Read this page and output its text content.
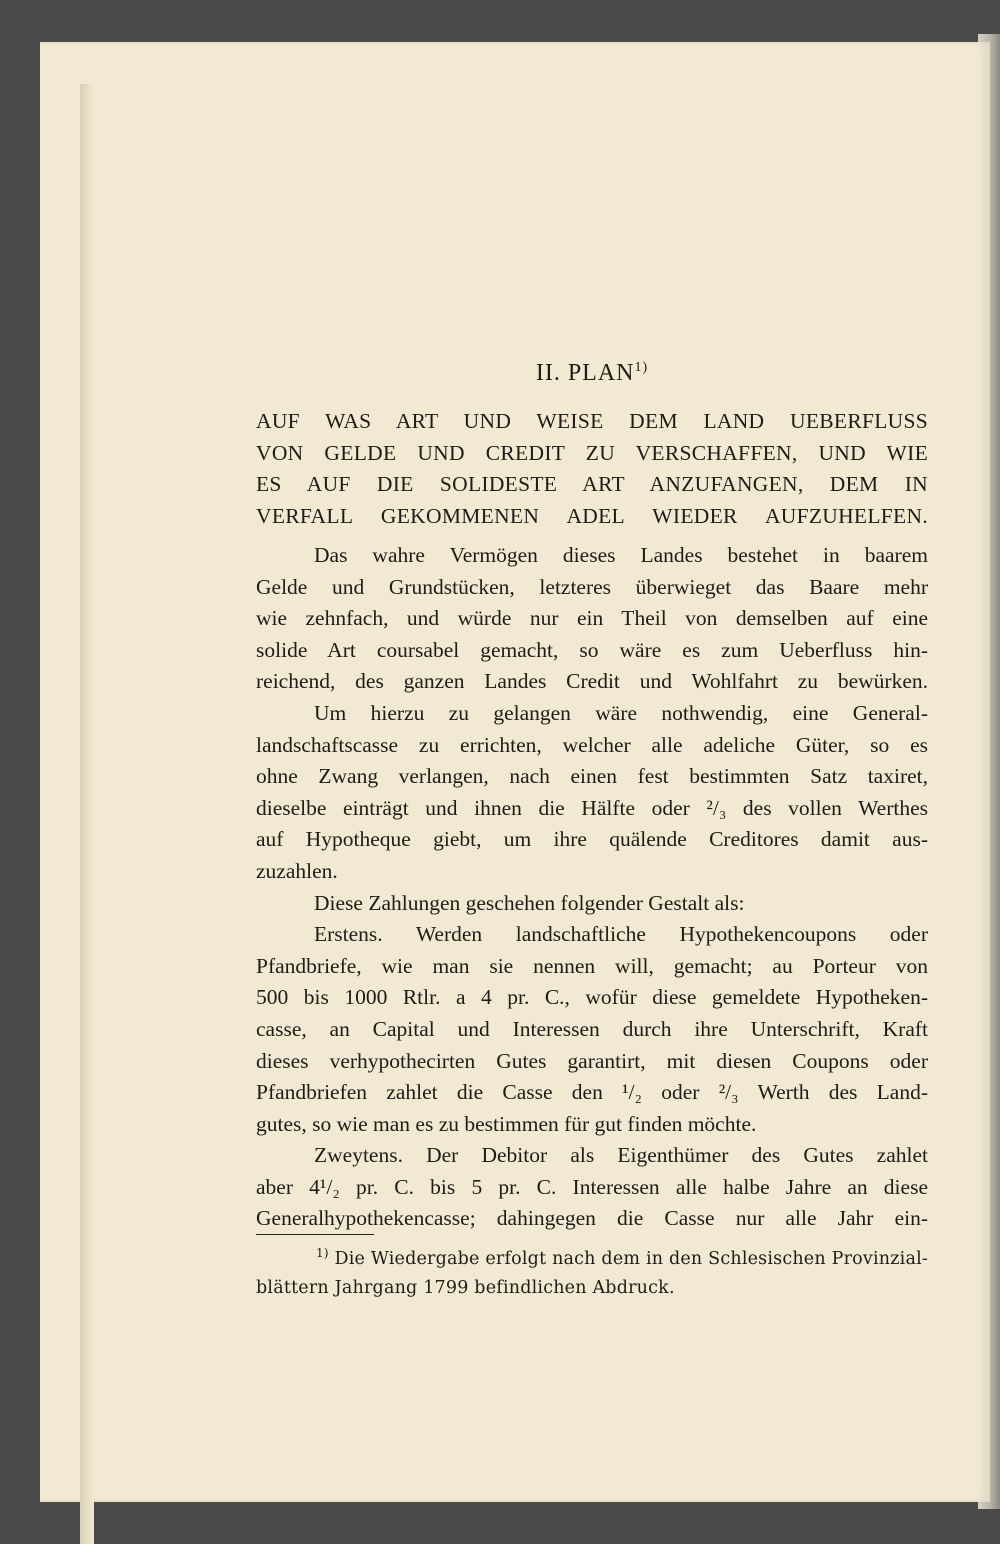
II. PLAN$^{1)}$
AUF WAS ART UND WEISE DEM LAND UEBERFLUSS
VON GELDE UND CREDIT ZU VERSCHAFFEN, UND WIE
ES AUF DIE SOLIDESTE ART ANZUFANGEN, DEM IN
VERFALL GEKOMMENEN ADEL WIEDER AUFZUHELFEN.
Das wahre Vermögen dieses Landes bestehet in baarem
Gelde und Grundstücken, letzteres überwieget das Baare mehr
wie zehnfach, und würde nur ein Theil von demselben auf eine
solide Art coursabel gemacht, so wäre es zum Ueberfluss hin-
reichend, des ganzen Landes Credit und Wohlfahrt zu bewürken.
Um hierzu zu gelangen wäre nothwendig, eine General-
landschaftscasse zu errichten, welcher alle adeliche Güter, so es
ohne Zwang verlangen, nach einen fest bestimmten Satz taxiret,
dieselbe einträgt und ihnen die Hälfte oder ²/₃ des vollen Werthes
auf Hypotheque giebt, um ihre quälende Creditores damit aus-
zuzahlen.
Diese Zahlungen geschehen folgender Gestalt als:
Erstens. Werden landschaftliche Hypothekencoupons oder
Pfandbriefe, wie man sie nennen will, gemacht; au Porteur von
500 bis 1000 Rtlr. a 4 pr. C., wofür diese gemeldete Hypotheken-
casse, an Capital und Interessen durch ihre Unterschrift, Kraft
dieses verhypothecirten Gutes garantirt, mit diesen Coupons oder
Pfandbriefen zahlet die Casse den ¹/₂ oder ²/₃ Werth des Land-
gutes, so wie man es zu bestimmen für gut finden möchte.
Zweytens. Der Debitor als Eigenthümer des Gutes zahlet
aber 4¹/₂ pr. C. bis 5 pr. C. Interessen alle halbe Jahre an diese
Generalhypothekencasse; dahingegen die Casse nur alle Jahr ein-
$^{1)}$ Die Wiedergabe erfolgt nach dem in den Schlesischen Provinzial-
blättern Jahrgang 1799 befindlichen Abdruck.
